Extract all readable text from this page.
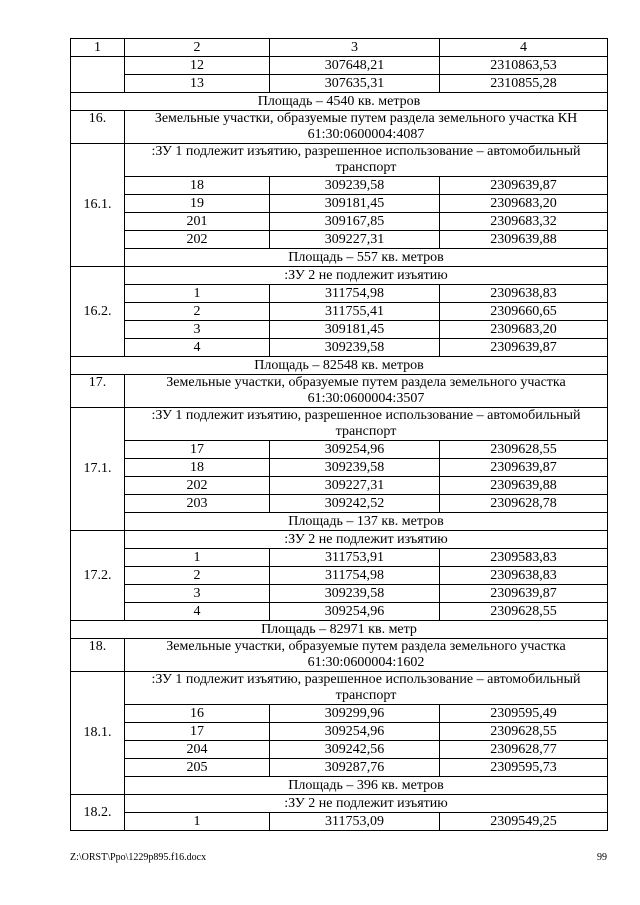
1	2	3	4
	12	307648,21	2310863,53
	13	307635,31	2310855,28
Площадь – 4540 кв. метров			
16.	Земельные участки, образуемые путем раздела земельного участка КН 61:30:0600004:4087		
16.1.	:ЗУ 1 подлежит изъятию, разрешенное использование – автомобильный транспорт		
	18	309239,58	2309639,87
	19	309181,45	2309683,20
	201	309167,85	2309683,32
	202	309227,31	2309639,88
	Площадь – 557 кв. метров		
16.2.	:ЗУ 2 не подлежит изъятию		
	1	311754,98	2309638,83
	2	311755,41	2309660,65
	3	309181,45	2309683,20
	4	309239,58	2309639,87
Площадь – 82548 кв. метров			
17.	Земельные участки, образуемые путем раздела земельного участка 61:30:0600004:3507		
17.1.	:ЗУ 1 подлежит изъятию, разрешенное использование – автомобильный транспорт		
	17	309254,96	2309628,55
	18	309239,58	2309639,87
	202	309227,31	2309639,88
	203	309242,52	2309628,78
	Площадь – 137 кв. метров		
17.2.	:ЗУ 2 не подлежит изъятию		
	1	311753,91	2309583,83
	2	311754,98	2309638,83
	3	309239,58	2309639,87
	4	309254,96	2309628,55
Площадь – 82971 кв. метр			
18.	Земельные участки, образуемые путем раздела земельного участка 61:30:0600004:1602		
18.1.	:ЗУ 1 подлежит изъятию, разрешенное использование – автомобильный транспорт		
	16	309299,96	2309595,49
	17	309254,96	2309628,55
	204	309242,56	2309628,77
	205	309287,76	2309595,73
	Площадь – 396 кв. метров		
18.2.	:ЗУ 2 не подлежит изъятию		
	1	311753,09	2309549,25
Z:\ORST\Ppo\1229p895.f16.docx	99
